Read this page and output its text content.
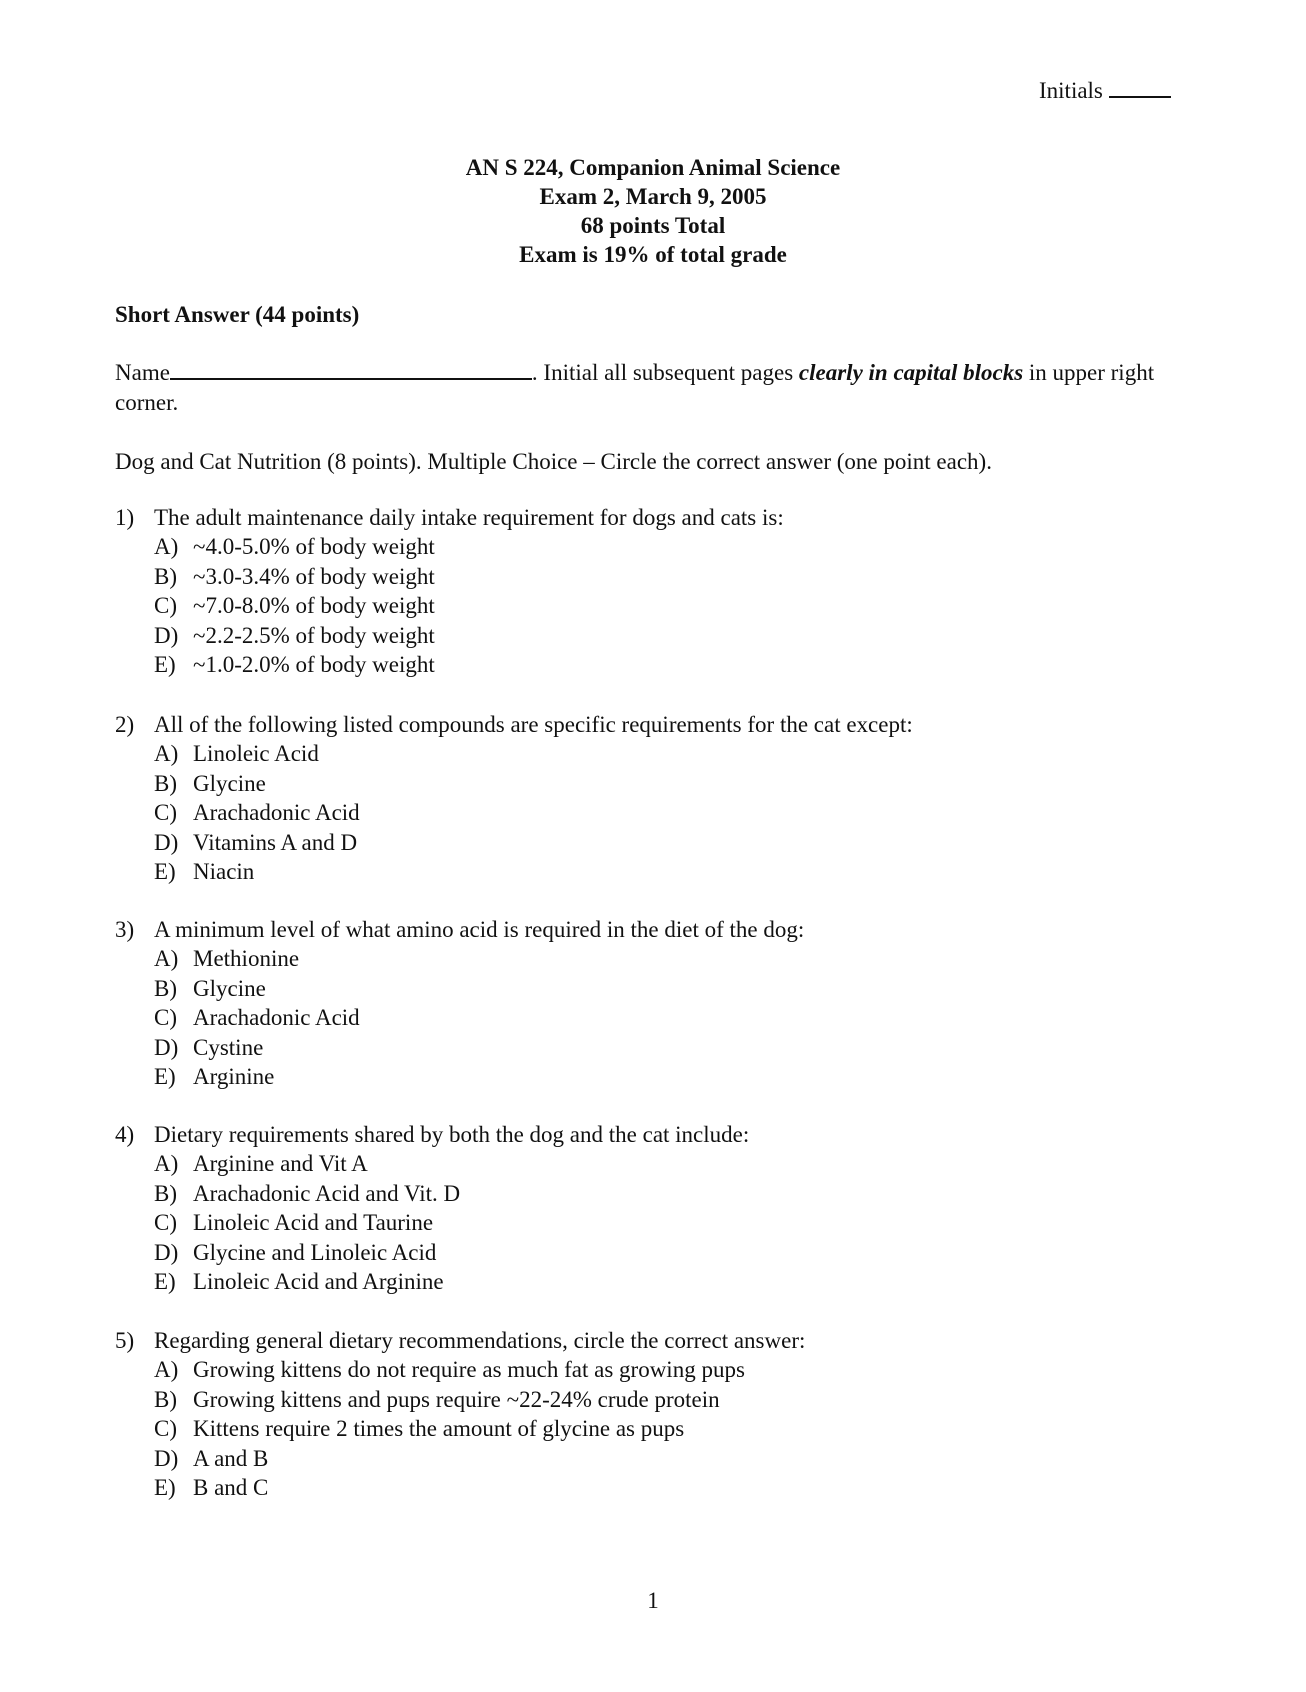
Initials
AN S 224, Companion Animal Science
Exam 2, March 9, 2005
68 points Total
Exam is 19% of total grade
Short Answer (44 points)
Name	. Initial all subsequent pages clearly in capital blocks in upper right corner.
Dog and Cat Nutrition (8 points). Multiple Choice – Circle the correct answer (one point each).
1) The adult maintenance daily intake requirement for dogs and cats is:
A) ~4.0-5.0% of body weight
B) ~3.0-3.4% of body weight
C) ~7.0-8.0% of body weight
D) ~2.2-2.5% of body weight
E) ~1.0-2.0% of body weight
2) All of the following listed compounds are specific requirements for the cat except:
A) Linoleic Acid
B) Glycine
C) Arachadonic Acid
D) Vitamins A and D
E) Niacin
3) A minimum level of what amino acid is required in the diet of the dog:
A) Methionine
B) Glycine
C) Arachadonic Acid
D) Cystine
E) Arginine
4) Dietary requirements shared by both the dog and the cat include:
A) Arginine and Vit A
B) Arachadonic Acid and Vit. D
C) Linoleic Acid and Taurine
D) Glycine and Linoleic Acid
E) Linoleic Acid and Arginine
5) Regarding general dietary recommendations, circle the correct answer:
A) Growing kittens do not require as much fat as growing pups
B) Growing kittens and pups require ~22-24% crude protein
C) Kittens require 2 times the amount of glycine as pups
D) A and B
E) B and C
1
